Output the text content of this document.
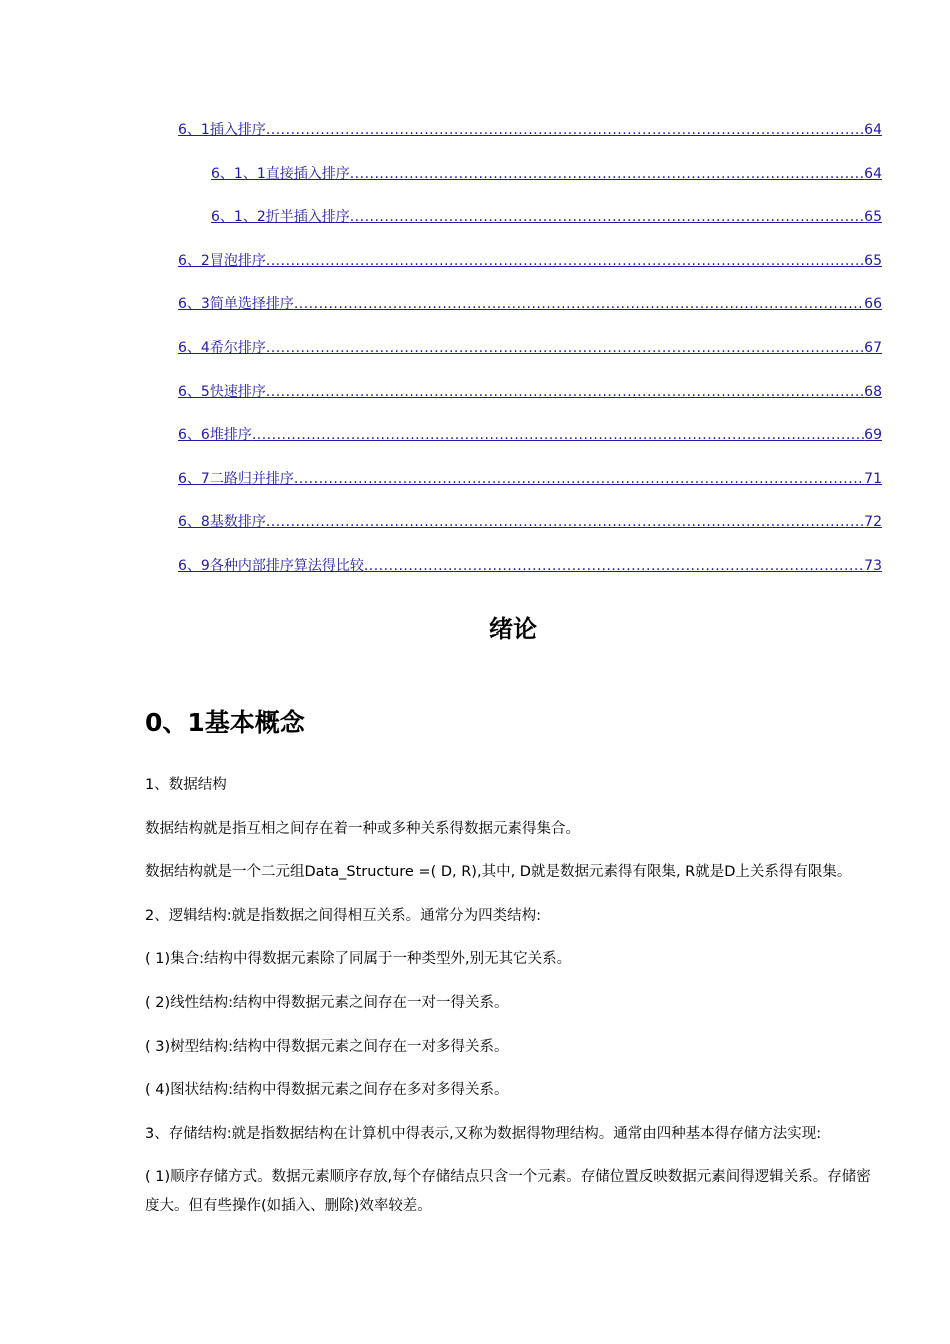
6、1插入排序 .....	64
6、1、1直接插入排序 .....	64
6、1、2折半插入排序 .....	65
6、2冒泡排序 .....	65
6、3简单选择排序 .....	66
6、4希尔排序 .....	67
6、5快速排序 .....	68
6、6堆排序 .....	69
6、7二路归并排序 .....	71
6、8基数排序 .....	72
6、9各种内部排序算法得比较 .....	73
绪论
0、1基本概念

1、数据结构

数据结构就是指互相之间存在着一种或多种关系得数据元素得集合。

数据结构就是一个二元组Data_Structure =( D, R),其中, D就是数据元素得有限集, R就是D上关系得有限集。

2、逻辑结构:就是指数据之间得相互关系。通常分为四类结构:

( 1)集合:结构中得数据元素除了同属于一种类型外,别无其它关系。

( 2)线性结构:结构中得数据元素之间存在一对一得关系。

( 3)树型结构:结构中得数据元素之间存在一对多得关系。

( 4)图状结构:结构中得数据元素之间存在多对多得关系。

3、存储结构:就是指数据结构在计算机中得表示,又称为数据得物理结构。通常由四种基本得存储方法实现:

( 1)顺序存储方式。数据元素顺序存放,每个存储结点只含一个元素。存储位置反映数据元素间得逻辑关系。存储密度大。但有些操作(如插入、删除)效率较差。
